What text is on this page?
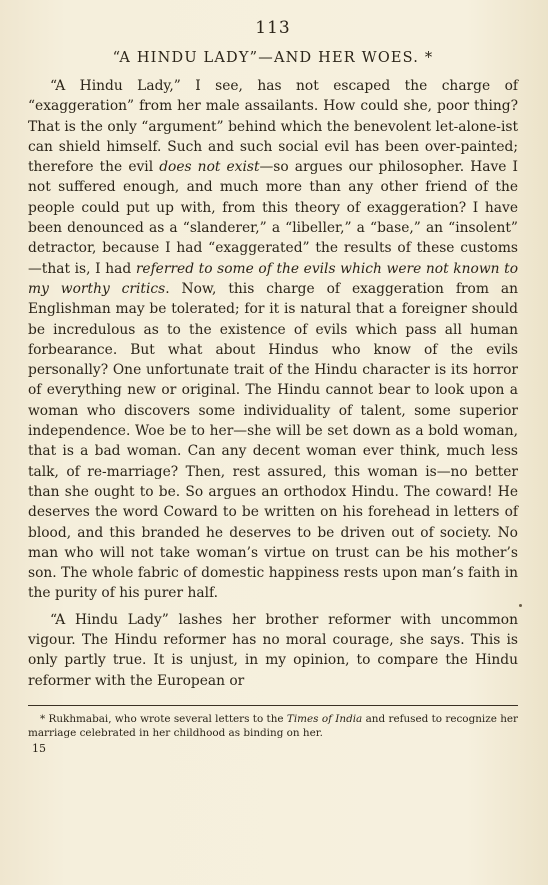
113
“A HINDU LADY”—AND HER WOES. *

“A Hindu Lady,” I see, has not escaped the charge of “exaggeration” from her male assailants. How could she, poor thing? That is the only “argument” behind which the benevolent let-alone-ist can shield himself. Such and such social evil has been over-painted; therefore the evil does not exist—so argues our philosopher. Have I not suffered enough, and much more than any other friend of the people could put up with, from this theory of exaggeration? I have been denounced as a “slanderer,” a “libeller,” a “base,” an “insolent” detractor, because I had “exaggerated” the results of these customs—that is, I had referred to some of the evils which were not known to my worthy critics. Now, this charge of exaggeration from an Englishman may be tolerated; for it is natural that a foreigner should be incredulous as to the existence of evils which pass all human forbearance. But what about Hindus who know of the evils personally? One unfortunate trait of the Hindu character is its horror of everything new or original. The Hindu cannot bear to look upon a woman who discovers some individuality of talent, some superior independence. Woe be to her—she will be set down as a bold woman, that is a bad woman. Can any decent woman ever think, much less talk, of re-marriage? Then, rest assured, this woman is—no better than she ought to be. So argues an orthodox Hindu. The coward! He deserves the word Coward to be written on his forehead in letters of blood, and this branded he deserves to be driven out of society. No man who will not take woman’s virtue on trust can be his mother’s son. The whole fabric of domestic happiness rests upon man’s faith in the purity of his purer half.

“A Hindu Lady” lashes her brother reformer with uncommon vigour. The Hindu reformer has no moral courage, she says. This is only partly true. It is unjust, in my opinion, to compare the Hindu reformer with the European or

* Rukhmabai, who wrote several letters to the Times of India and refused to recognize her marriage celebrated in her childhood as binding on her.

15
